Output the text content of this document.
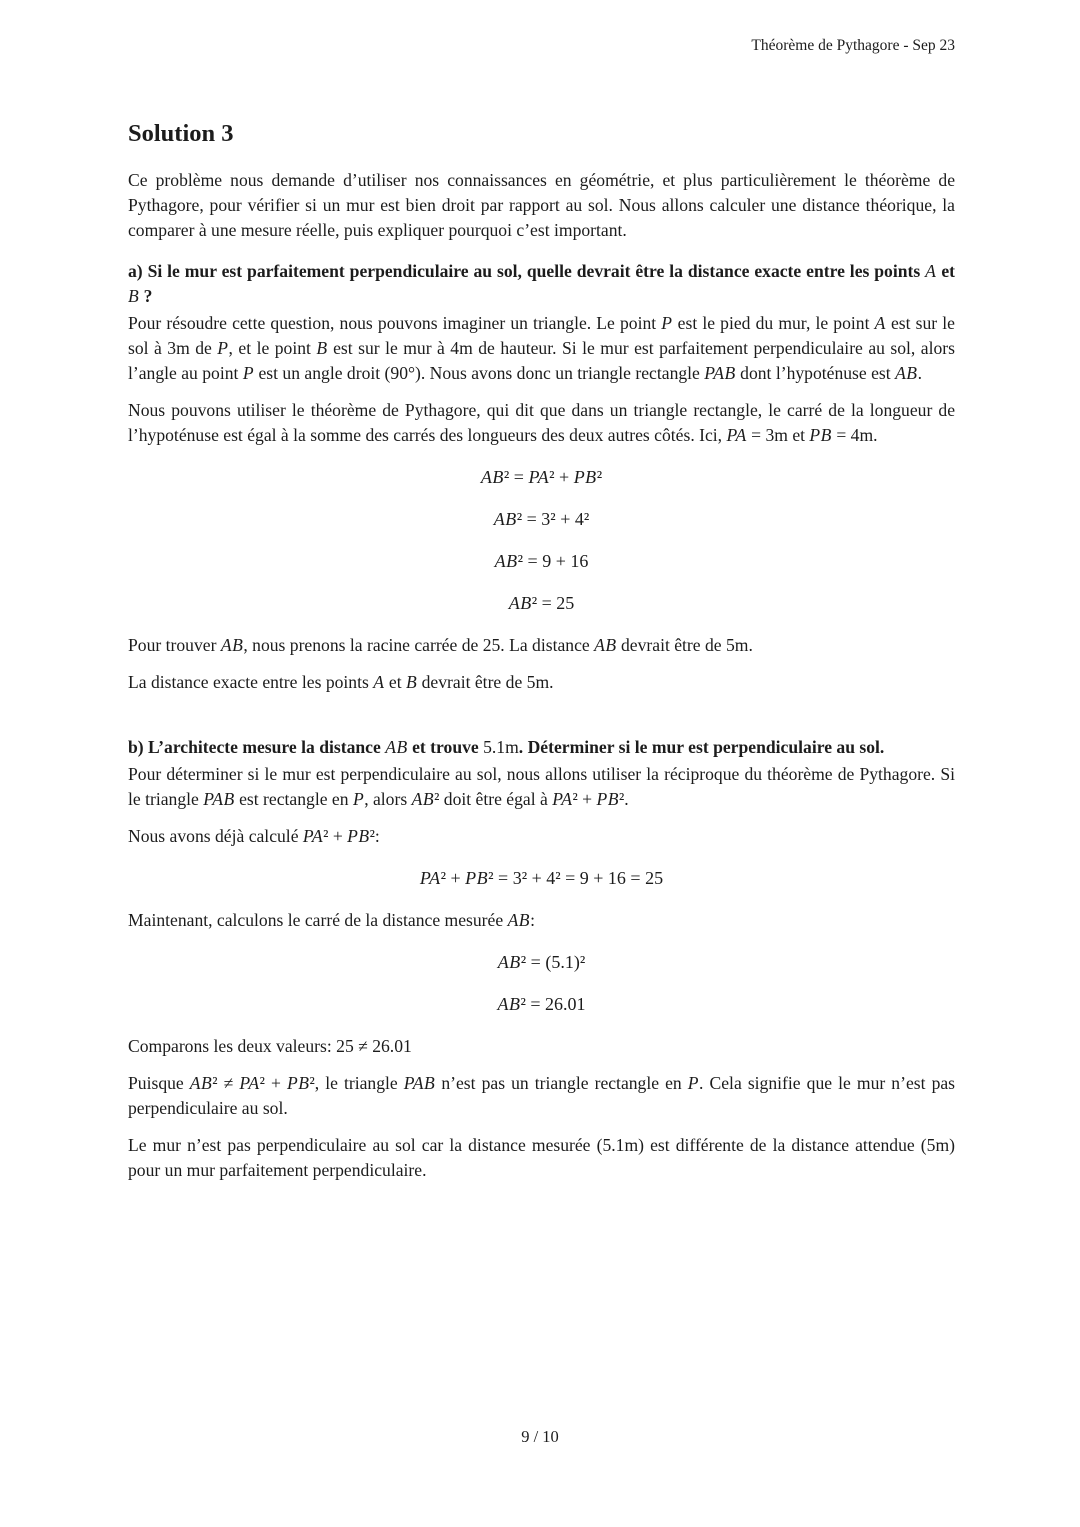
Théorème de Pythagore - Sep 23
Solution 3

Ce problème nous demande d’utiliser nos connaissances en géométrie, et plus particulièrement le théorème de Pythagore, pour vérifier si un mur est bien droit par rapport au sol. Nous allons calculer une distance théorique, la comparer à une mesure réelle, puis expliquer pourquoi c’est important.

a) Si le mur est parfaitement perpendiculaire au sol, quelle devrait être la distance exacte entre les points A et B ?

Pour résoudre cette question, nous pouvons imaginer un triangle. Le point P est le pied du mur, le point A est sur le sol à 3m de P, et le point B est sur le mur à 4m de hauteur. Si le mur est parfaitement perpendiculaire au sol, alors l’angle au point P est un angle droit (90°). Nous avons donc un triangle rectangle PAB dont l’hypoténuse est AB.

Nous pouvons utiliser le théorème de Pythagore, qui dit que dans un triangle rectangle, le carré de la longueur de l’hypoténuse est égal à la somme des carrés des longueurs des deux autres côtés. Ici, PA = 3m et PB = 4m.

AB² = PA² + PB²
AB² = 3² + 4²
AB² = 9 + 16
AB² = 25

Pour trouver AB, nous prenons la racine carrée de 25. La distance AB devrait être de 5m.

La distance exacte entre les points A et B devrait être de 5m.

b) L’architecte mesure la distance AB et trouve 5.1m. Déterminer si le mur est perpendiculaire au sol.

Pour déterminer si le mur est perpendiculaire au sol, nous allons utiliser la réciproque du théorème de Pythagore. Si le triangle PAB est rectangle en P, alors AB² doit être égal à PA² + PB².

Nous avons déjà calculé PA² + PB²:

PA² + PB² = 3² + 4² = 9 + 16 = 25

Maintenant, calculons le carré de la distance mesurée AB:

AB² = (5.1)²
AB² = 26.01

Comparons les deux valeurs: 25 ≠ 26.01

Puisque AB² ≠ PA² + PB², le triangle PAB n’est pas un triangle rectangle en P. Cela signifie que le mur n’est pas perpendiculaire au sol.

Le mur n’est pas perpendiculaire au sol car la distance mesurée (5.1m) est différente de la distance attendue (5m) pour un mur parfaitement perpendiculaire.

9 / 10
